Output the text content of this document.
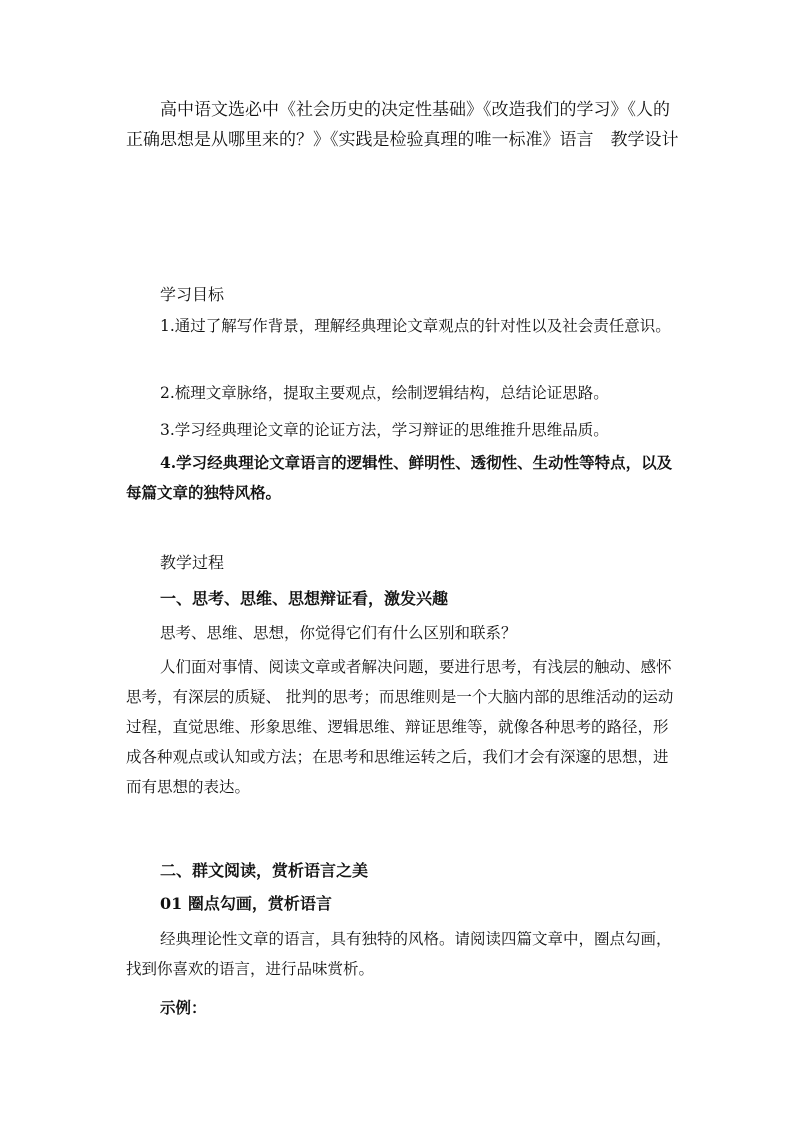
高中语文选必中《社会历史的决定性基础》《改造我们的学习》《人的正确思想是从哪里来的？》《实践是检验真理的唯一标准》语言　教学设计
学习目标

1.通过了解写作背景，理解经典理论文章观点的针对性以及社会责任意识。

2.梳理文章脉络，提取主要观点，绘制逻辑结构，总结论证思路。

3.学习经典理论文章的论证方法，学习辩证的思维推升思维品质。

4.学习经典理论文章语言的逻辑性、鲜明性、透彻性、生动性等特点，以及每篇文章的独特风格。

教学过程
一、思考、思维、思想辩证看，激发兴趣

思考、思维、思想，你觉得它们有什么区别和联系？

人们面对事情、阅读文章或者解决问题，要进行思考，有浅层的触动、感怀思考，有深层的质疑、 批判的思考；而思维则是一个大脑内部的思维活动的运动过程，直觉思维、形象思维、逻辑思维、辩证思维等，就像各种思考的路径，形成各种观点或认知或方法；在思考和思维运转之后，我们才会有深邃的思想，进而有思想的表达。

二、群文阅读，赏析语言之美
01 圈点勾画，赏析语言

经典理论性文章的语言，具有独特的风格。请阅读四篇文章中，圈点勾画，找到你喜欢的语言，进行品味赏析。

示例：
